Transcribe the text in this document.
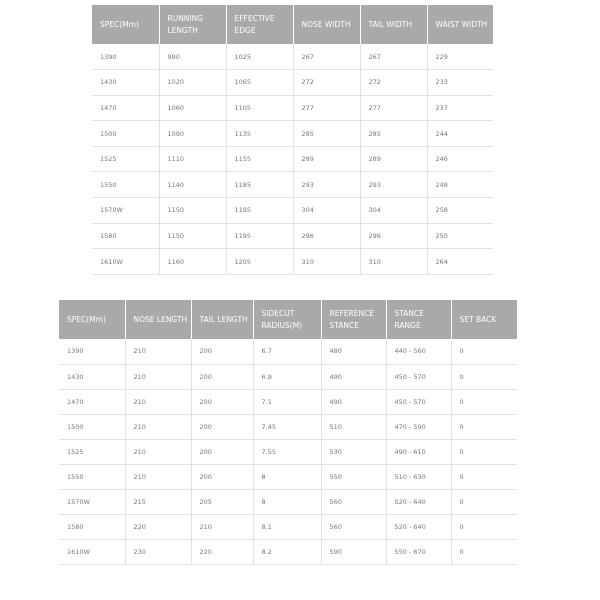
SPEC(Mm)	RUNNING LENGTH	EFFECTIVE EDGE	NOSE WIDTH	TAIL WIDTH	WAIST WIDTH
1390	980	1025	267	267	229
1430	1020	1065	272	272	233
1470	1060	1105	277	277	237
1500	1090	1135	285	285	244
1525	1110	1155	289	289	246
1550	1140	1185	293	293	248
1570W	1150	1195	304	304	258
1580	1150	1195	296	296	250
1610W	1160	1205	310	310	264
SPEC(Mm)	NOSE LENGTH	TAIL LENGTH	SIDECUT RADIUS(M)	REFERENCE STANCE	STANCE RANGE	SET BACK
1390	210	200	6.7	480	440 - 560	0
1430	210	200	6.9	490	450 - 570	0
1470	210	200	7.1	490	450 - 570	0
1500	210	200	7.45	510	470 - 590	0
1525	210	200	7.55	530	490 - 610	0
1550	210	200	8	550	510 - 630	0
1570W	215	205	8	560	520 - 640	0
1580	220	210	8.1	560	520 - 640	0
1610W	230	220	8.2	590	550 - 670	0
